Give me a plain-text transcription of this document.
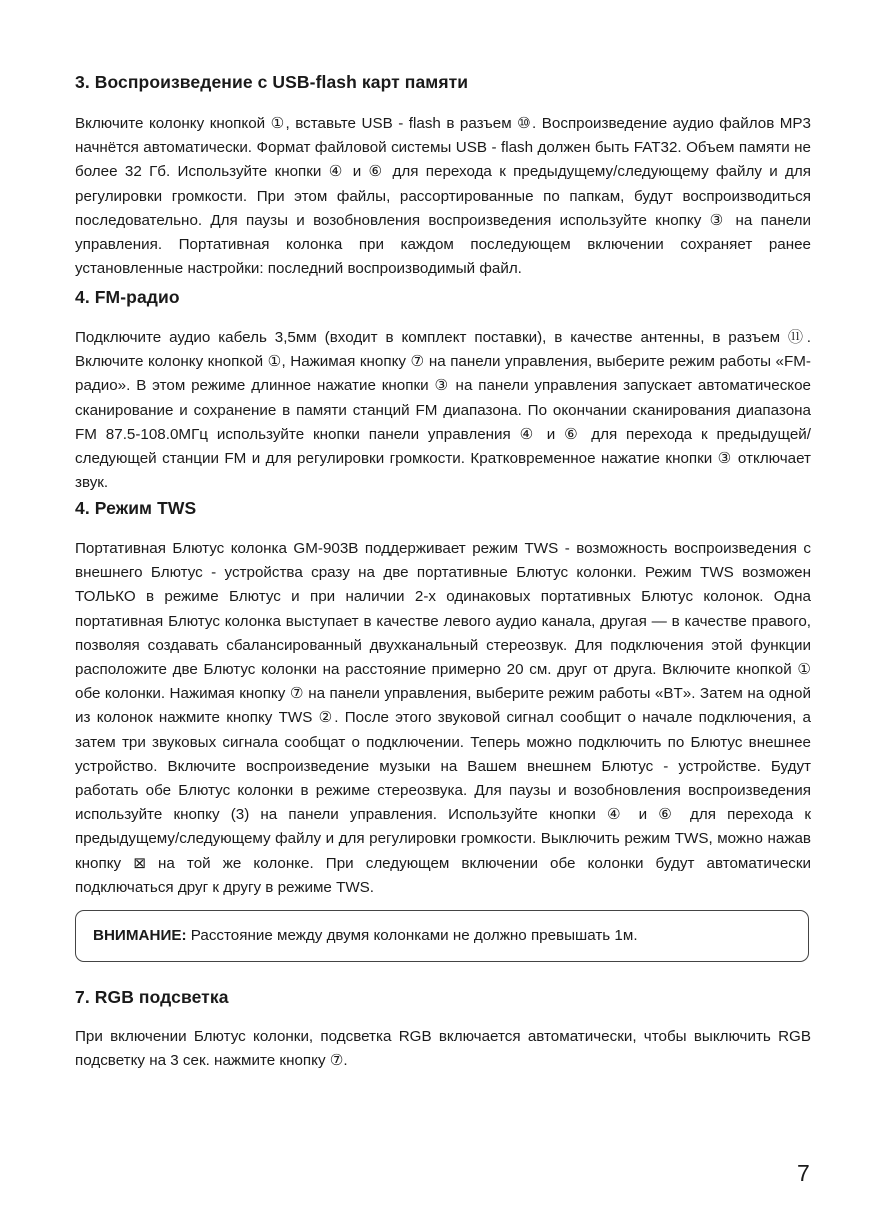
3. Воспроизведение с USB-flash карт памяти

Включите колонку кнопкой ①, вставьте USB - flash в разъем ⑩. Воспроизведение аудио файлов MP3 начнётся автоматически. Формат файловой системы USB - flash должен быть FAT32. Объем памяти не более 32 Гб. Используйте кнопки ④ и ⑥ для перехода к предыдущему/следующему файлу и для регулировки громкости. При этом файлы, рассортированные по папкам, будут воспроизводиться последовательно. Для паузы и возобновления воспроизведения используйте кнопку ③ на панели управления. Портативная колонка при каждом последующем включении сохраняет ранее установленные настройки: последний воспроизводимый файл.

4. FM-радио

Подключите аудио кабель 3,5мм (входит в комплект поставки), в качестве антенны, в разъем ⑪. Включите колонку кнопкой ①, Нажимая кнопку ⑦ на панели управления, выберите режим работы «FM-радио». В этом режиме длинное нажатие кнопки ③ на панели управления запускает автоматическое сканирование и сохранение в памяти станций FM диапазона. По окончании сканирования диапазона FM 87.5-108.0МГц используйте кнопки панели управления ④ и ⑥ для перехода к предыдущей/следующей станции FM и для регулировки громкости. Кратковременное нажатие кнопки ③ отключает звук.

4. Режим TWS

Портативная Блютус колонка GM-903B поддерживает режим TWS - возможность воспроизведения с внешнего Блютус - устройства сразу на две портативные Блютус колонки. Режим TWS возможен ТОЛЬКО в режиме Блютус и при наличии 2-х одинаковых портативных Блютус колонок. Одна портативная Блютус колонка выступает в качестве левого аудио канала, другая — в качестве правого, позволяя создавать сбалансированный двухканальный стереозвук. Для подключения этой функции расположите две Блютус колонки на расстояние примерно 20 см. друг от друга. Включите кнопкой ① обе колонки. Нажимая кнопку ⑦ на панели управления, выберите режим работы «BT». Затем на одной из колонок нажмите кнопку TWS ②. После этого звуковой сигнал сообщит о начале подключения, а затем три звуковых сигнала сообщат о подключении. Теперь можно подключить по Блютус внешнее устройство. Включите воспроизведение музыки на Вашем внешнем Блютус - устройстве. Будут работать обе Блютус колонки в режиме стереозвука. Для паузы и возобновления воспроизведения используйте кнопку (3) на панели управления. Используйте кнопки ④ и ⑥ для перехода к предыдущему/следующему файлу и для регулировки громкости. Выключить режим TWS, можно нажав кнопку ⊠ на той же колонке. При следующем включении обе колонки будут автоматически подключаться друг к другу в режиме TWS.

ВНИМАНИЕ: Расстояние между двумя колонками не должно превышать 1м.
7. RGB подсветка

При включении Блютус колонки, подсветка RGB включается автоматически, чтобы выключить RGB подсветку на 3 сек. нажмите кнопку ⑦.

7
